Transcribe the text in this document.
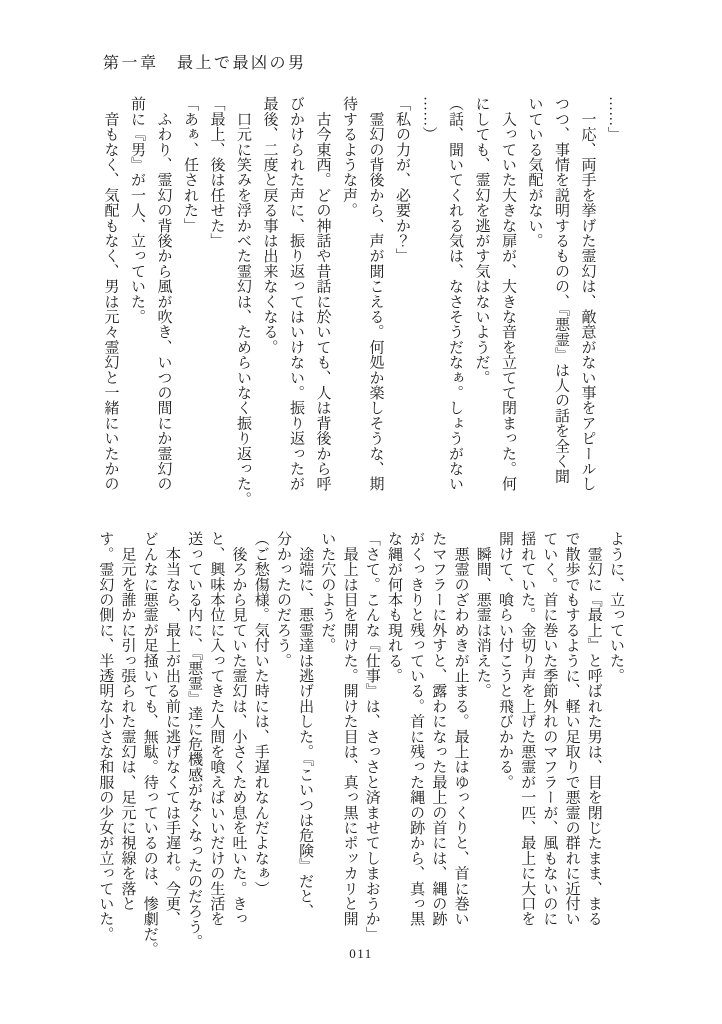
第一章　最上で最凶の男

……」

　一応、両手を挙げた霊幻は、敵意がない事をアピールし

つつ、事情を説明するものの、『悪霊』は人の話を全く聞

いている気配がない。

　入っていた大きな扉が、大きな音を立てて閉まった。何

にしても、霊幻を逃がす気はないようだ。

（話、聞いてくれる気は、なさそうだなぁ。しょうがない

……）

「私の力が、必要か？」

　霊幻の背後から、声が聞こえる。何処か楽しそうな、期

待するような声。

　古今東西。どの神話や昔話に於いても、人は背後から呼

びかけられた声に、振り返ってはいけない。振り返ったが

最後、二度と戻る事は出来なくなる。

　口元に笑みを浮かべた霊幻は、ためらいなく振り返った。

「最上、後は任せた」

「あぁ、任された」

　ふわり、霊幻の背後から風が吹き、いつの間にか霊幻の

前に『男』が一人、立っていた。

　音もなく、気配もなく、男は元々霊幻と一緒にいたかの

ように、立っていた。

　霊幻に『最上』と呼ばれた男は、目を閉じたまま、まる

で散歩でもするように、軽い足取りで悪霊の群れに近付い

ていく。首に巻いた季節外れのマフラーが、風もないのに

揺れていた。金切り声を上げた悪霊が一匹、最上に大口を

開けて、喰らい付こうと飛びかかる。

　瞬間、悪霊は消えた。

　悪霊のざわめきが止まる。最上はゆっくりと、首に巻い

たマフラーに外すと、露わになった最上の首には、縄の跡

がくっきりと残っている。首に残った縄の跡から、真っ黒

な縄が何本も現れる。

「さて。こんな『仕事』は、さっさと済ませてしまおうか」

　最上は目を開けた。開けた目は、真っ黒にポッカリと開

いた穴のようだ。

　途端に、悪霊達は逃げ出した。『こいつは危険』だと、

分かったのだろう。

（ご愁傷様。気付いた時には、手遅れなんだよなぁ）

　後ろから見ていた霊幻は、小さくため息を吐いた。きっ

と、興味本位に入ってきた人間を喰えばいいだけの生活を

送っている内に、『悪霊』達に危機感がなくなったのだろう。

　本当なら、最上が出る前に逃げなくては手遅れ。今更、

どんなに悪霊が足掻いても、無駄。待っているのは、惨劇だ。

　足元を誰かに引っ張られた霊幻は、足元に視線を落と

す。霊幻の側に、半透明な小さな和服の少女が立っていた。

011
